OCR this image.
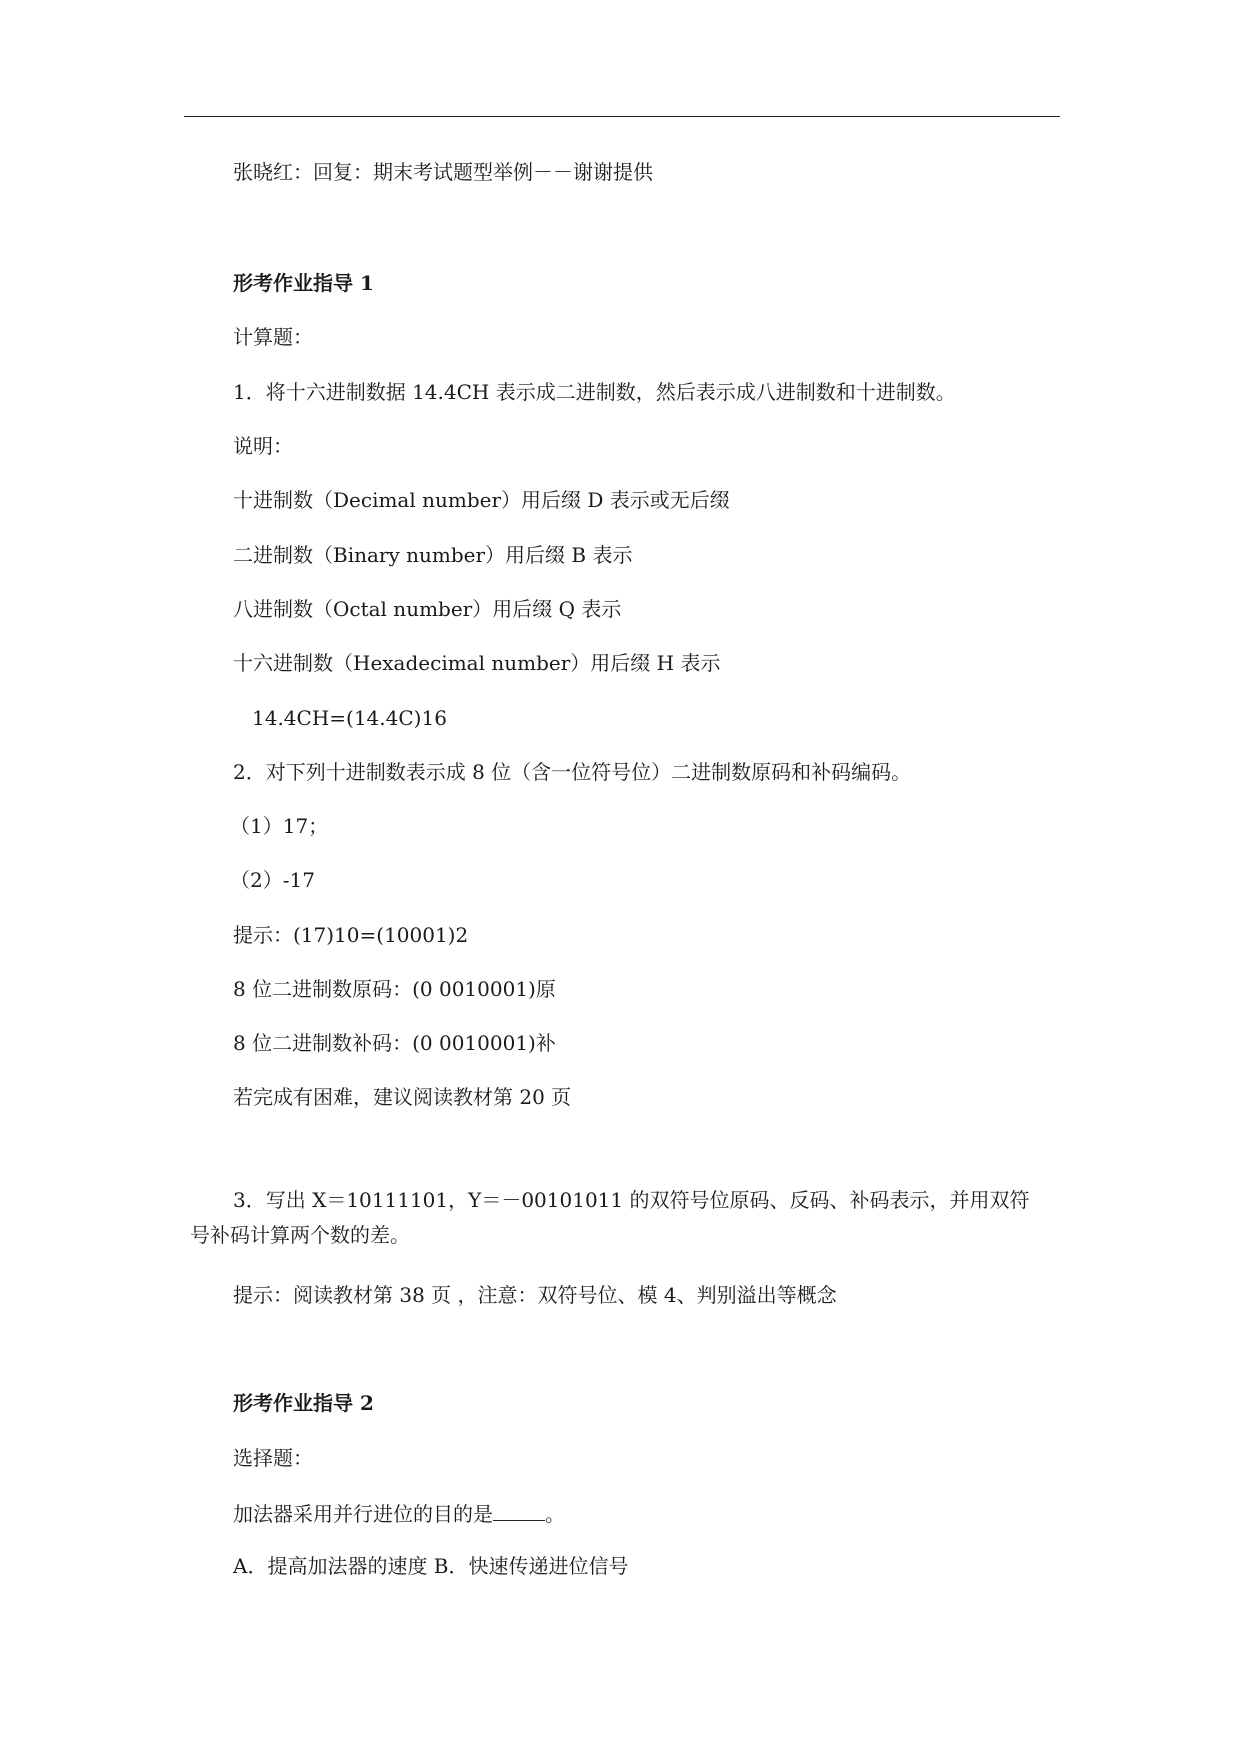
张晓红：回复：期末考试题型举例－－谢谢提供
形考作业指导 1
计算题：
1．将十六进制数据 14.4CH 表示成二进制数，然后表示成八进制数和十进制数。
说明：
十进制数（Decimal number）用后缀 D 表示或无后缀
二进制数（Binary number）用后缀 B 表示
八进制数（Octal number）用后缀 Q 表示
十六进制数（Hexadecimal number）用后缀 H 表示
14.4CH=(14.4C)16
2．对下列十进制数表示成 8 位（含一位符号位）二进制数原码和补码编码。
（1）17；
（2）-17
提示：(17)10=(10001)2
8 位二进制数原码：(0 0010001)原
8 位二进制数补码：(0 0010001)补
若完成有困难，建议阅读教材第 20 页
3．写出 X＝10111101，Y＝－00101011 的双符号位原码、反码、补码表示，并用双符
号补码计算两个数的差。
提示：阅读教材第 38 页 ，注意：双符号位、模 4、判别溢出等概念
形考作业指导 2
选择题：
加法器采用并行进位的目的是	。
A．提高加法器的速度 B．快速传递进位信号
